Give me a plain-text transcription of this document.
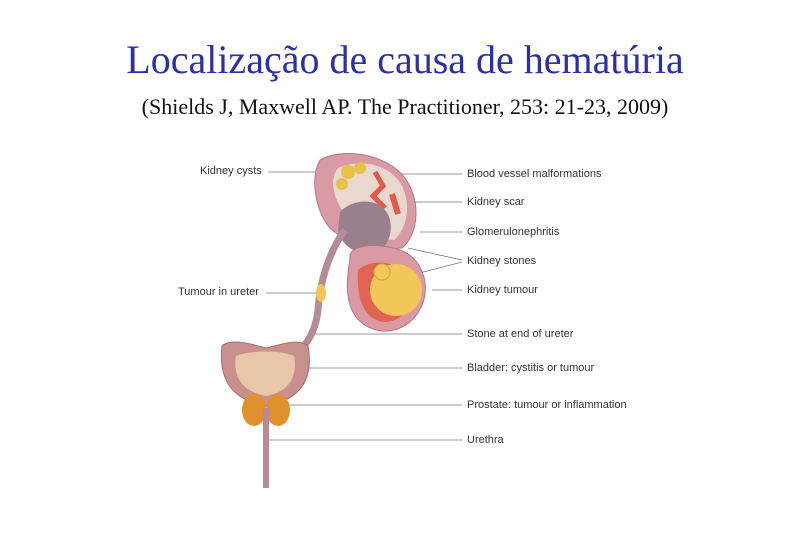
Localização de causa de hematúria
(Shields J, Maxwell AP. The Practitioner, 253: 21-23, 2009)
Kidney cysts
Tumour in ureter
Blood vessel malformations
Kidney scar
Glomerulonephritis
Kidney stones
Kidney tumour
Stone at end of ureter
Bladder: cystitis or tumour
Prostate: tumour or inflammation
Urethra
